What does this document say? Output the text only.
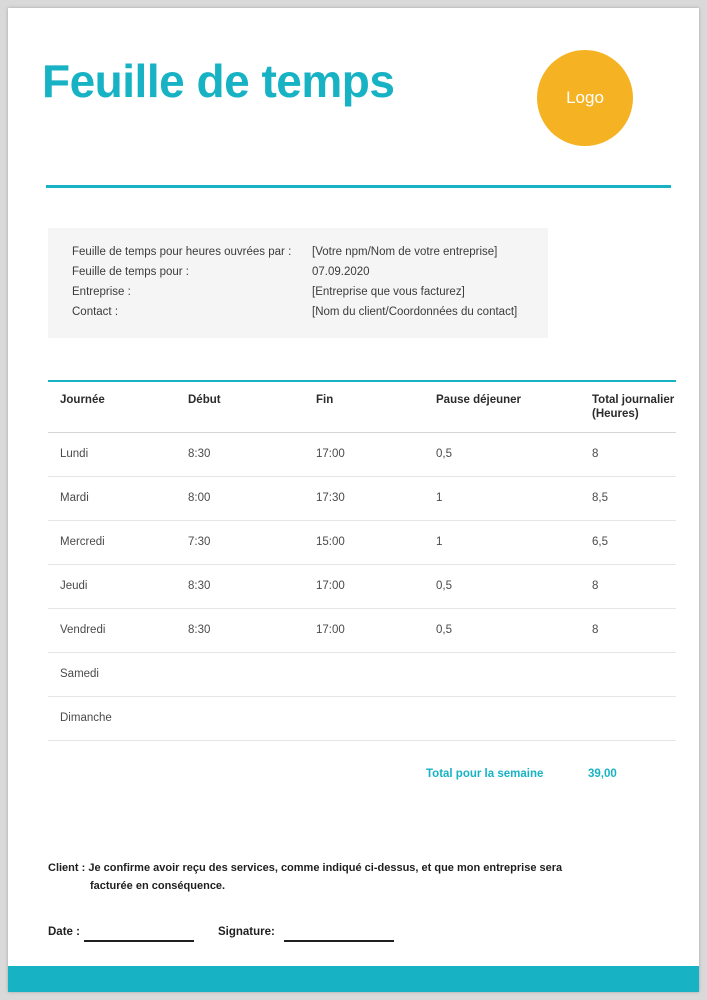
Feuille de temps	Logo
Feuille de temps pour heures ouvrées par : [Votre npm/Nom de votre entreprise]
Feuille de temps pour :	07.09.2020
Entreprise :	[Entreprise que vous facturez]
Contact :	[Nom du client/Coordonnées du contact]
Journée	Début	Fin	Pause déjeuner	Total journalier
(Heures)
Lundi	8:30	17:00	0,5	8
Mardi	8:00	17:30	1	8,5
Mercredi	7:30	15:00	1	6,5
Jeudi	8:30	17:00	0,5	8
Vendredi	8:30	17:00	0,5	8
Samedi				
Dimanche				
Total pour la semaine	39,00
Client : Je confirme avoir reçu des services, comme indiqué ci-dessus, et que mon entreprise sera
facturée en conséquence.
Date :	Signature:
